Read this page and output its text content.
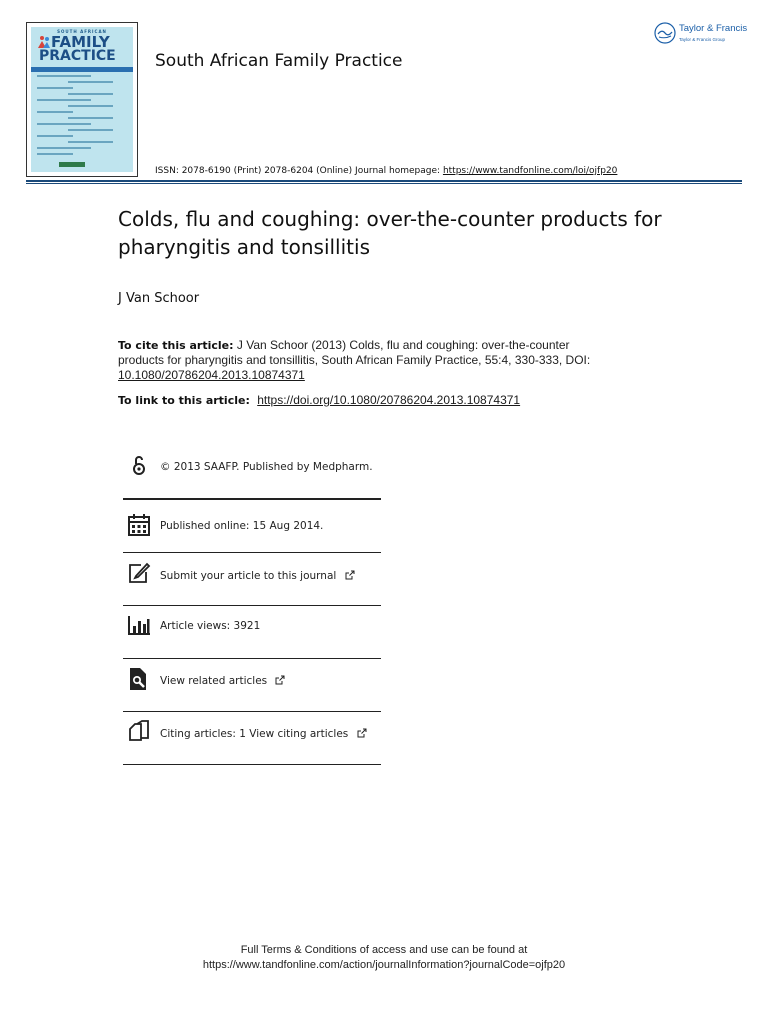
SOUTH AFRICAN
FAMILY
PRACTICE South African Family Practice
ISSN: 2078-6190 (Print) 2078-6204 (Online) Journal homepage: https://www.tandfonline.com/loi/ojfp20
Taylor & Francis
Taylor & Francis Group
Colds, flu and coughing: over-the-counter products for pharyngitis and tonsillitis
J Van Schoor
To cite this article: J Van Schoor (2013) Colds, flu and coughing: over-the-counter products for pharyngitis and tonsillitis, South African Family Practice, 55:4, 330-333, DOI: 10.1080/20786204.2013.10874371
To link to this article: https://doi.org/10.1080/20786204.2013.10874371
© 2013 SAAFP. Published by Medpharm.
Published online: 15 Aug 2014.
Submit your article to this journal
Article views: 3921
View related articles
Citing articles: 1 View citing articles
Full Terms & Conditions of access and use can be found at
https://www.tandfonline.com/action/journalInformation?journalCode=ojfp20
